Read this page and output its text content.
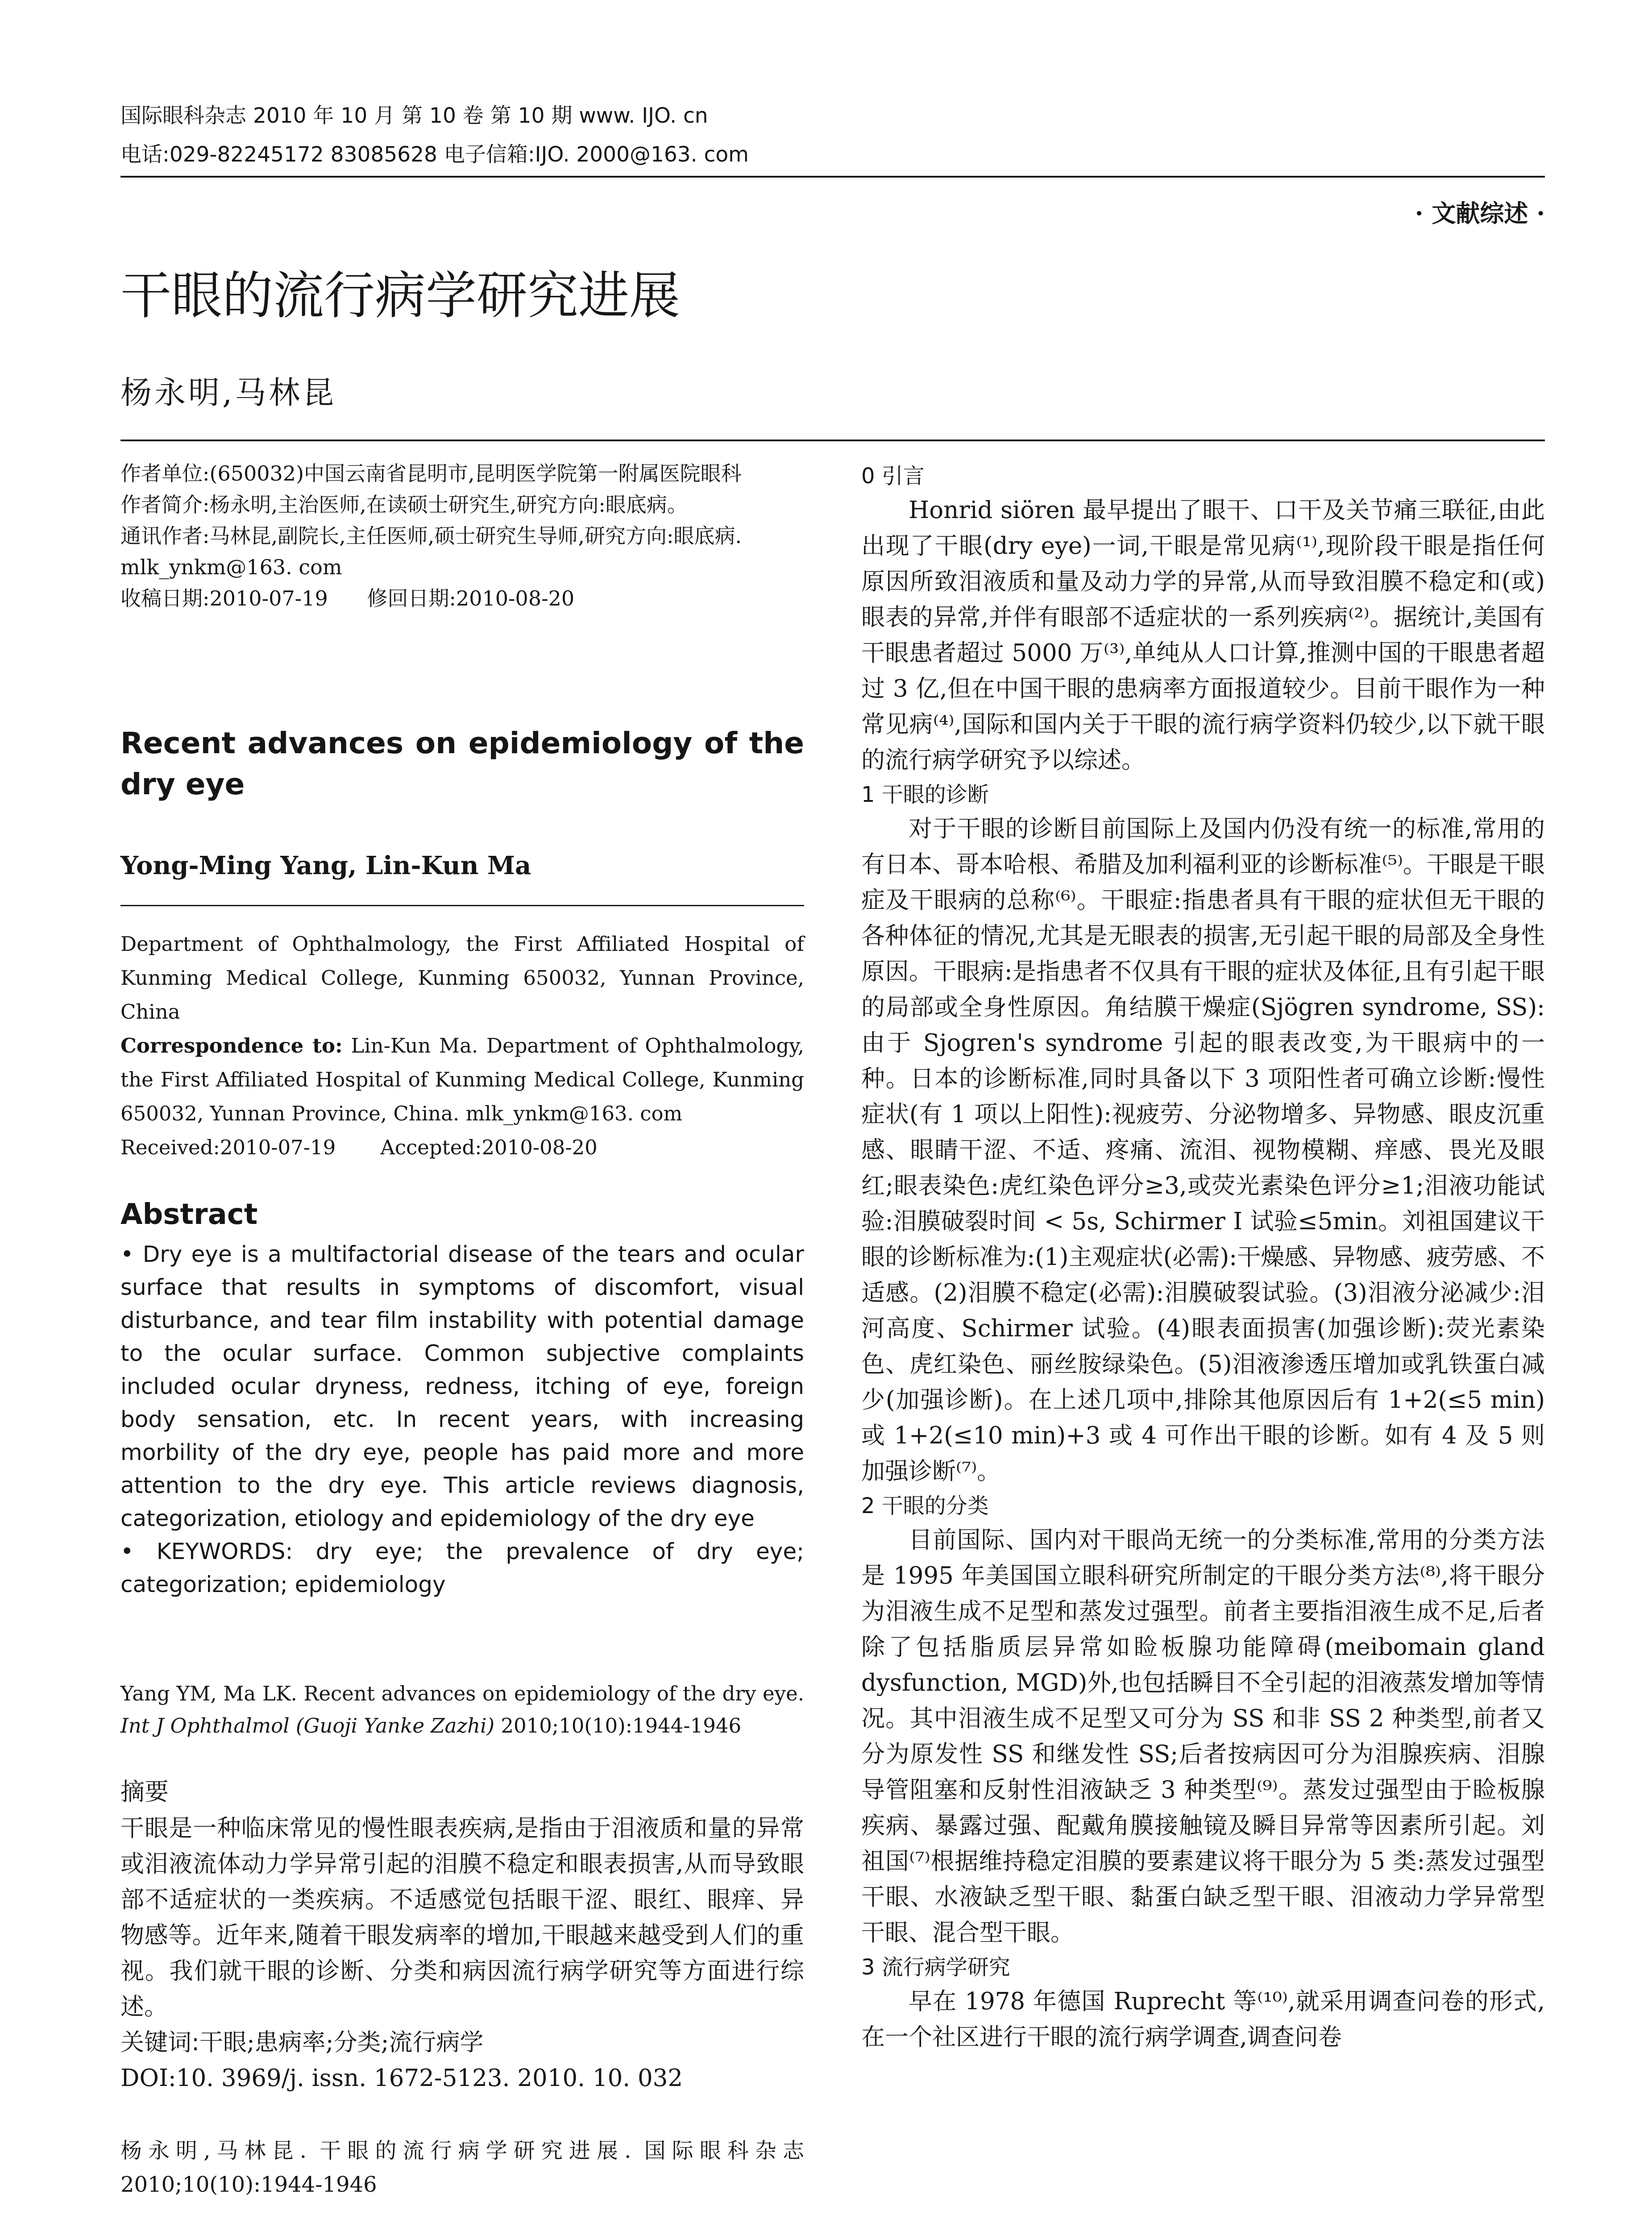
国际眼科杂志 2010 年 10 月 第 10 卷 第 10 期 www. IJO. cn
电话:029-82245172 83085628 电子信箱:IJO. 2000@163. com
· 文献综述 ·
干眼的流行病学研究进展
杨永明,马林昆

作者单位:(650032)中国云南省昆明市,昆明医学院第一附属医院眼科

作者简介:杨永明,主治医师,在读硕士研究生,研究方向:眼底病。

通讯作者:马林昆,副院长,主任医师,硕士研究生导师,研究方向:眼底病. mlk_ynkm@163. com

收稿日期:2010-07-19      修回日期:2010-08-20

Recent advances on epidemiology of the dry eye
Yong-Ming Yang, Lin-Kun Ma

Department of Ophthalmology, the First Affiliated Hospital of Kunming Medical College, Kunming 650032, Yunnan Province, China

Correspondence to: Lin-Kun Ma. Department of Ophthalmology, the First Affiliated Hospital of Kunming Medical College, Kunming 650032, Yunnan Province, China. mlk_ynkm@163. com

Received:2010-07-19       Accepted:2010-08-20

Abstract

• Dry eye is a multifactorial disease of the tears and ocular surface that results in symptoms of discomfort, visual disturbance, and tear film instability with potential damage to the ocular surface. Common subjective complaints included ocular dryness, redness, itching of eye, foreign body sensation, etc. In recent years, with increasing morbility of the dry eye, people has paid more and more attention to the dry eye. This article reviews diagnosis, categorization, etiology and epidemiology of the dry eye

• KEYWORDS: dry eye; the prevalence of dry eye; categorization; epidemiology

Yang YM, Ma LK. Recent advances on epidemiology of the dry eye. Int J Ophthalmol (Guoji Yanke Zazhi) 2010;10(10):1944-1946

摘要

干眼是一种临床常见的慢性眼表疾病,是指由于泪液质和量的异常或泪液流体动力学异常引起的泪膜不稳定和眼表损害,从而导致眼部不适症状的一类疾病。不适感觉包括眼干涩、眼红、眼痒、异物感等。近年来,随着干眼发病率的增加,干眼越来越受到人们的重视。我们就干眼的诊断、分类和病因流行病学研究等方面进行综述。

关键词:干眼;患病率;分类;流行病学

DOI:10. 3969/j. issn. 1672-5123. 2010. 10. 032

杨永明,马林昆. 干眼的流行病学研究进展. 国际眼科杂志 2010;10(10):1944-1946
0 引言

Honrid siören 最早提出了眼干、口干及关节痛三联征,由此出现了干眼(dry eye)一词,干眼是常见病⁽¹⁾,现阶段干眼是指任何原因所致泪液质和量及动力学的异常,从而导致泪膜不稳定和(或)眼表的异常,并伴有眼部不适症状的一系列疾病⁽²⁾。据统计,美国有干眼患者超过 5000 万⁽³⁾,单纯从人口计算,推测中国的干眼患者超过 3 亿,但在中国干眼的患病率方面报道较少。目前干眼作为一种常见病⁽⁴⁾,国际和国内关于干眼的流行病学资料仍较少,以下就干眼的流行病学研究予以综述。

1 干眼的诊断

对于干眼的诊断目前国际上及国内仍没有统一的标准,常用的有日本、哥本哈根、希腊及加利福利亚的诊断标准⁽⁵⁾。干眼是干眼症及干眼病的总称⁽⁶⁾。干眼症:指患者具有干眼的症状但无干眼的各种体征的情况,尤其是无眼表的损害,无引起干眼的局部及全身性原因。干眼病:是指患者不仅具有干眼的症状及体征,且有引起干眼的局部或全身性原因。角结膜干燥症(Sjögren syndrome, SS):由于 Sjogren's syndrome 引起的眼表改变,为干眼病中的一种。日本的诊断标准,同时具备以下 3 项阳性者可确立诊断:慢性症状(有 1 项以上阳性):视疲劳、分泌物增多、异物感、眼皮沉重感、眼睛干涩、不适、疼痛、流泪、视物模糊、痒感、畏光及眼红;眼表染色:虎红染色评分≥3,或荧光素染色评分≥1;泪液功能试验:泪膜破裂时间 < 5s, Schirmer I 试验≤5min。刘祖国建议干眼的诊断标准为:(1)主观症状(必需):干燥感、异物感、疲劳感、不适感。(2)泪膜不稳定(必需):泪膜破裂试验。(3)泪液分泌减少:泪河高度、Schirmer 试验。(4)眼表面损害(加强诊断):荧光素染色、虎红染色、丽丝胺绿染色。(5)泪液渗透压增加或乳铁蛋白减少(加强诊断)。在上述几项中,排除其他原因后有 1+2(≤5 min)或 1+2(≤10 min)+3 或 4 可作出干眼的诊断。如有 4 及 5 则加强诊断⁽⁷⁾。

2 干眼的分类

目前国际、国内对干眼尚无统一的分类标准,常用的分类方法是 1995 年美国国立眼科研究所制定的干眼分类方法⁽⁸⁾,将干眼分为泪液生成不足型和蒸发过强型。前者主要指泪液生成不足,后者除了包括脂质层异常如睑板腺功能障碍(meibomain gland dysfunction, MGD)外,也包括瞬目不全引起的泪液蒸发增加等情况。其中泪液生成不足型又可分为 SS 和非 SS 2 种类型,前者又分为原发性 SS 和继发性 SS;后者按病因可分为泪腺疾病、泪腺导管阻塞和反射性泪液缺乏 3 种类型⁽⁹⁾。蒸发过强型由于睑板腺疾病、暴露过强、配戴角膜接触镜及瞬目异常等因素所引起。刘祖国⁽⁷⁾根据维持稳定泪膜的要素建议将干眼分为 5 类:蒸发过强型干眼、水液缺乏型干眼、黏蛋白缺乏型干眼、泪液动力学异常型干眼、混合型干眼。

3 流行病学研究

早在 1978 年德国 Ruprecht 等⁽¹⁰⁾,就采用调查问卷的形式,在一个社区进行干眼的流行病学调查,调查问卷
